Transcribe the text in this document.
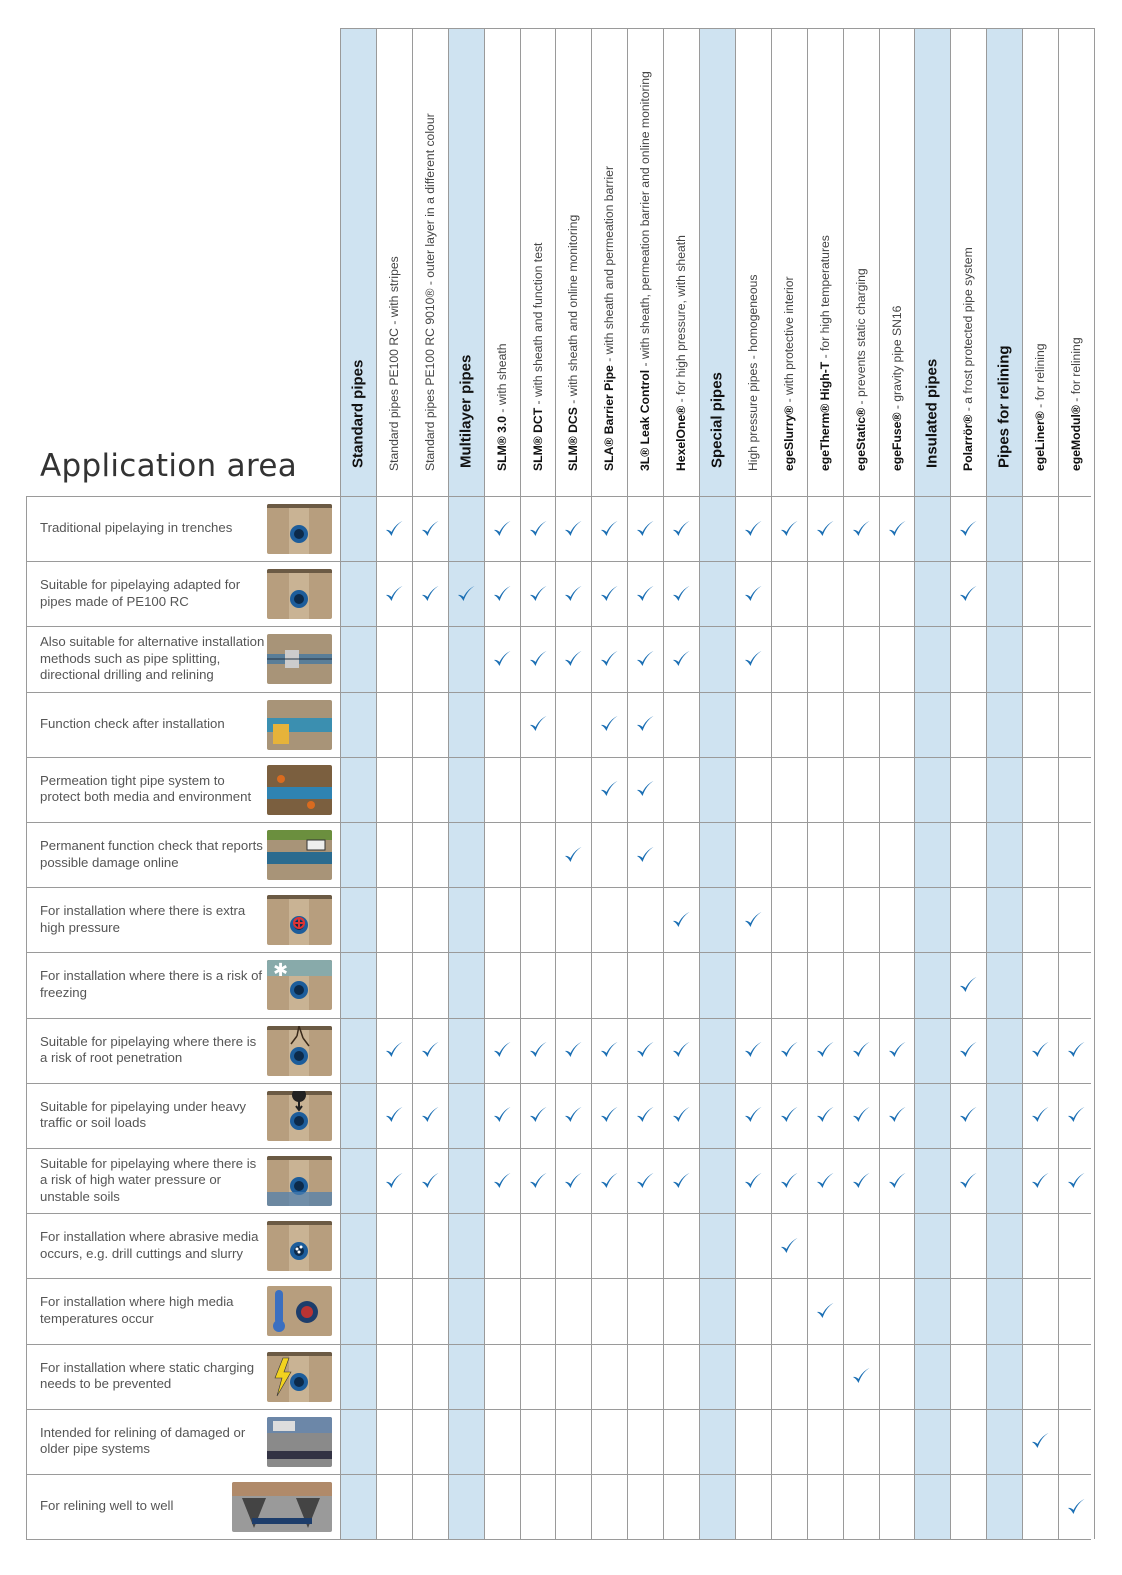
Application area	Standard pipes Standard pipes PE100 RC - with stripes Standard pipes PE100 RC 9010® - outer layer in a different colour Multilayer pipes SLM® 3.0 - with sheath
SLM® DCT - with sheath and function test
SLM® DCS - with sheath and online monitoring
SLA® Barrier Pipe - with sheath and permeation barrier
3L® Leak Control - with sheath, permeation barrier and online monitoring
HexelOne® - for high pressure, with sheath
Special pipes High pressure pipes - homogeneous egeSlurry® - with protective interior
egeTherm® High-T - for high temperatures
egeStatic® - prevents static charging
egeFuse® - gravity pipe SN16 Insulated pipes Polarrör® - a frost protected pipe system Pipes for relining egeLiner® - for relining
egeModul® - for relining
Traditional pipelaying in trenches
Suitable for pipelaying adapted for pipes made of PE100 RC
Also suitable for alternative installation methods such as pipe splitting, directional drilling and relining
Function check after installation
Permeation tight pipe system to protect both media and environment
Permanent function check that reports possible damage online
For installation where there is extra high pressure
For installation where there is a risk of freezing
✱
Suitable for pipelaying where there is a risk of root penetration
Suitable for pipelaying under heavy traffic or soil loads
Suitable for pipelaying where there is a risk of high water pressure or unstable soils
For installation where abrasive media occurs, e.g. drill cuttings and slurry
For installation where high media temperatures occur
For installation where static charging needs to be prevented
Intended for relining of damaged or older pipe systems
For relining well to well
